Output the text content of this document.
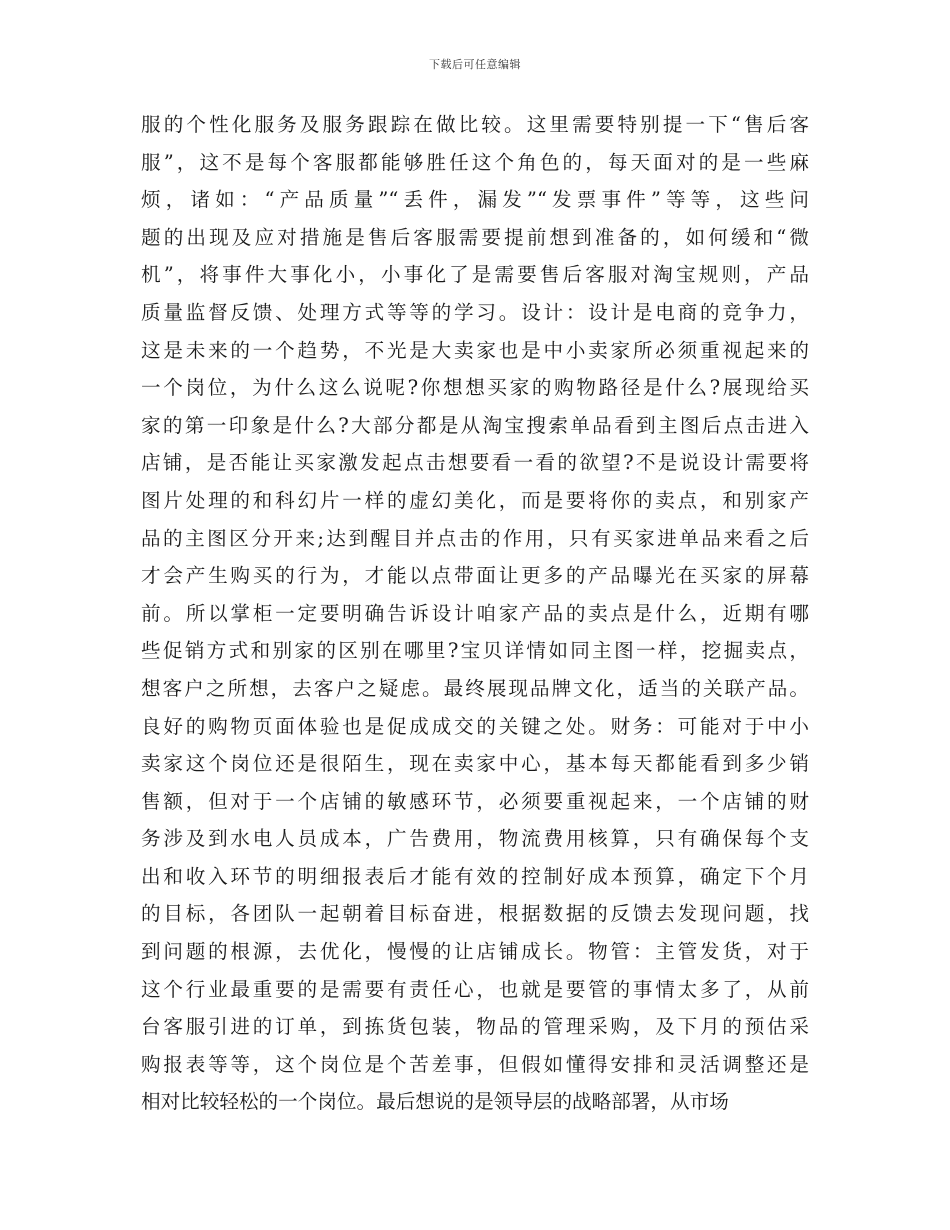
下载后可任意编辑
服的个性化服务及服务跟踪在做比较。这里需要特别提一下“售后客
服”，这不是每个客服都能够胜任这个角色的，每天面对的是一些麻
烦，诸如：“产品质量”“丢件，漏发”“发票事件”等等，这些问
题的出现及应对措施是售后客服需要提前想到准备的，如何缓和“微
机”，将事件大事化小，小事化了是需要售后客服对淘宝规则，产品
质量监督反馈、处理方式等等的学习。设计：设计是电商的竞争力，
这是未来的一个趋势，不光是大卖家也是中小卖家所必须重视起来的
一个岗位，为什么这么说呢?你想想买家的购物路径是什么?展现给买
家的第一印象是什么?大部分都是从淘宝搜索单品看到主图后点击进入
店铺，是否能让买家激发起点击想要看一看的欲望?不是说设计需要将
图片处理的和科幻片一样的虚幻美化，而是要将你的卖点，和别家产
品的主图区分开来;达到醒目并点击的作用，只有买家进单品来看之后
才会产生购买的行为，才能以点带面让更多的产品曝光在买家的屏幕
前。所以掌柜一定要明确告诉设计咱家产品的卖点是什么，近期有哪
些促销方式和别家的区别在哪里?宝贝详情如同主图一样，挖掘卖点，
想客户之所想，去客户之疑虑。最终展现品牌文化，适当的关联产品。
良好的购物页面体验也是促成成交的关键之处。财务：可能对于中小
卖家这个岗位还是很陌生，现在卖家中心，基本每天都能看到多少销
售额，但对于一个店铺的敏感环节，必须要重视起来，一个店铺的财
务涉及到水电人员成本，广告费用，物流费用核算，只有确保每个支
出和收入环节的明细报表后才能有效的控制好成本预算，确定下个月
的目标，各团队一起朝着目标奋进，根据数据的反馈去发现问题，找
到问题的根源，去优化，慢慢的让店铺成长。物管：主管发货，对于
这个行业最重要的是需要有责任心，也就是要管的事情太多了，从前
台客服引进的订单，到拣货包装，物品的管理采购，及下月的预估采
购报表等等，这个岗位是个苦差事，但假如懂得安排和灵活调整还是
相对比较轻松的一个岗位。最后想说的是领导层的战略部署，从市场
